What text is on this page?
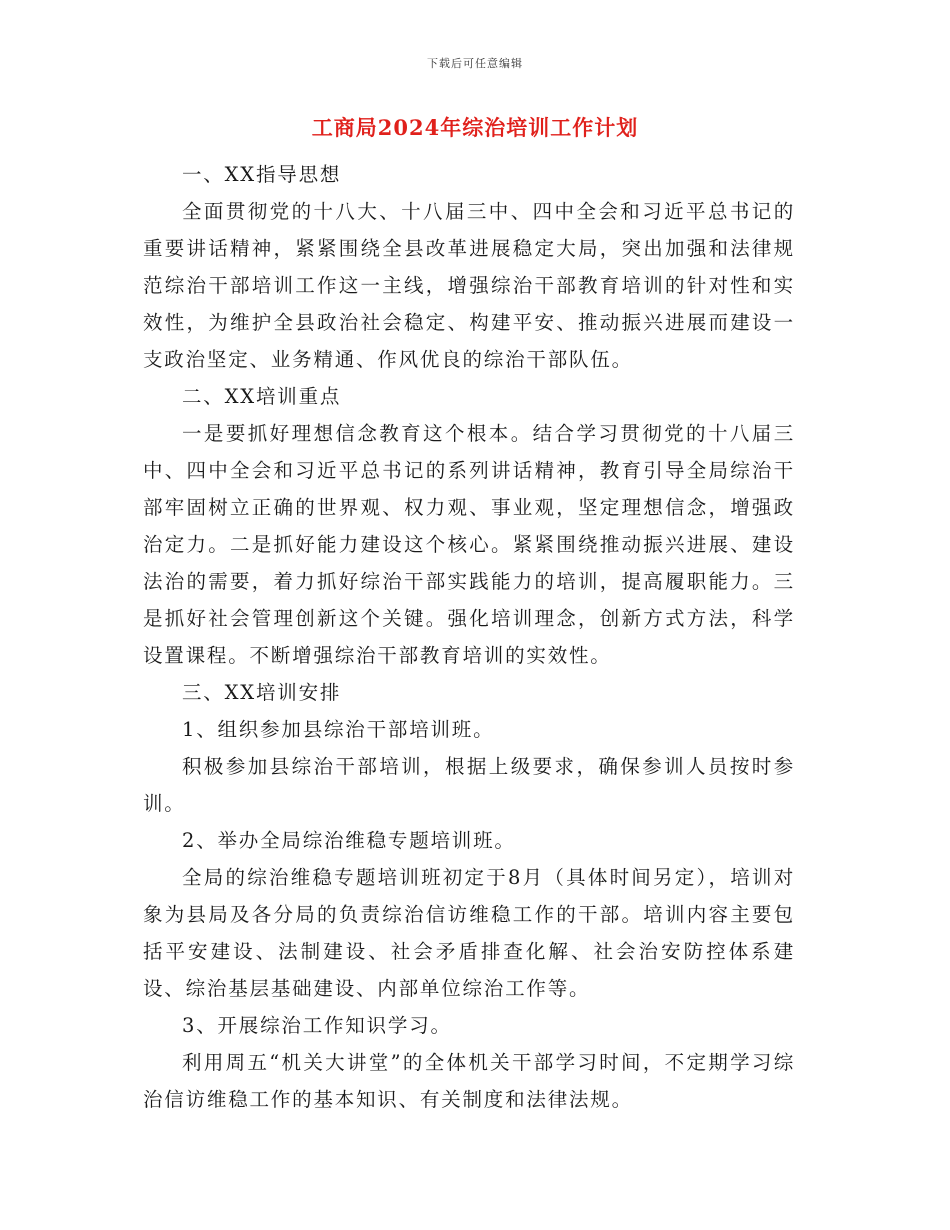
下载后可任意编辑
工商局2024年综治培训工作计划

一、XX指导思想

全面贯彻党的十八大、十八届三中、四中全会和习近平总书记的重要讲话精神，紧紧围绕全县改革进展稳定大局，突出加强和法律规范综治干部培训工作这一主线，增强综治干部教育培训的针对性和实效性，为维护全县政治社会稳定、构建平安、推动振兴进展而建设一支政治坚定、业务精通、作风优良的综治干部队伍。

二、XX培训重点

一是要抓好理想信念教育这个根本。结合学习贯彻党的十八届三中、四中全会和习近平总书记的系列讲话精神，教育引导全局综治干部牢固树立正确的世界观、权力观、事业观，坚定理想信念，增强政治定力。二是抓好能力建设这个核心。紧紧围绕推动振兴进展、建设法治的需要，着力抓好综治干部实践能力的培训，提高履职能力。三是抓好社会管理创新这个关键。强化培训理念，创新方式方法，科学设置课程。不断增强综治干部教育培训的实效性。

三、XX培训安排

1、组织参加县综治干部培训班。

积极参加县综治干部培训，根据上级要求，确保参训人员按时参训。

2、举办全局综治维稳专题培训班。

全局的综治维稳专题培训班初定于8月（具体时间另定），培训对象为县局及各分局的负责综治信访维稳工作的干部。培训内容主要包括平安建设、法制建设、社会矛盾排查化解、社会治安防控体系建设、综治基层基础建设、内部单位综治工作等。

3、开展综治工作知识学习。

利用周五“机关大讲堂”的全体机关干部学习时间，不定期学习综治信访维稳工作的基本知识、有关制度和法律法规。
